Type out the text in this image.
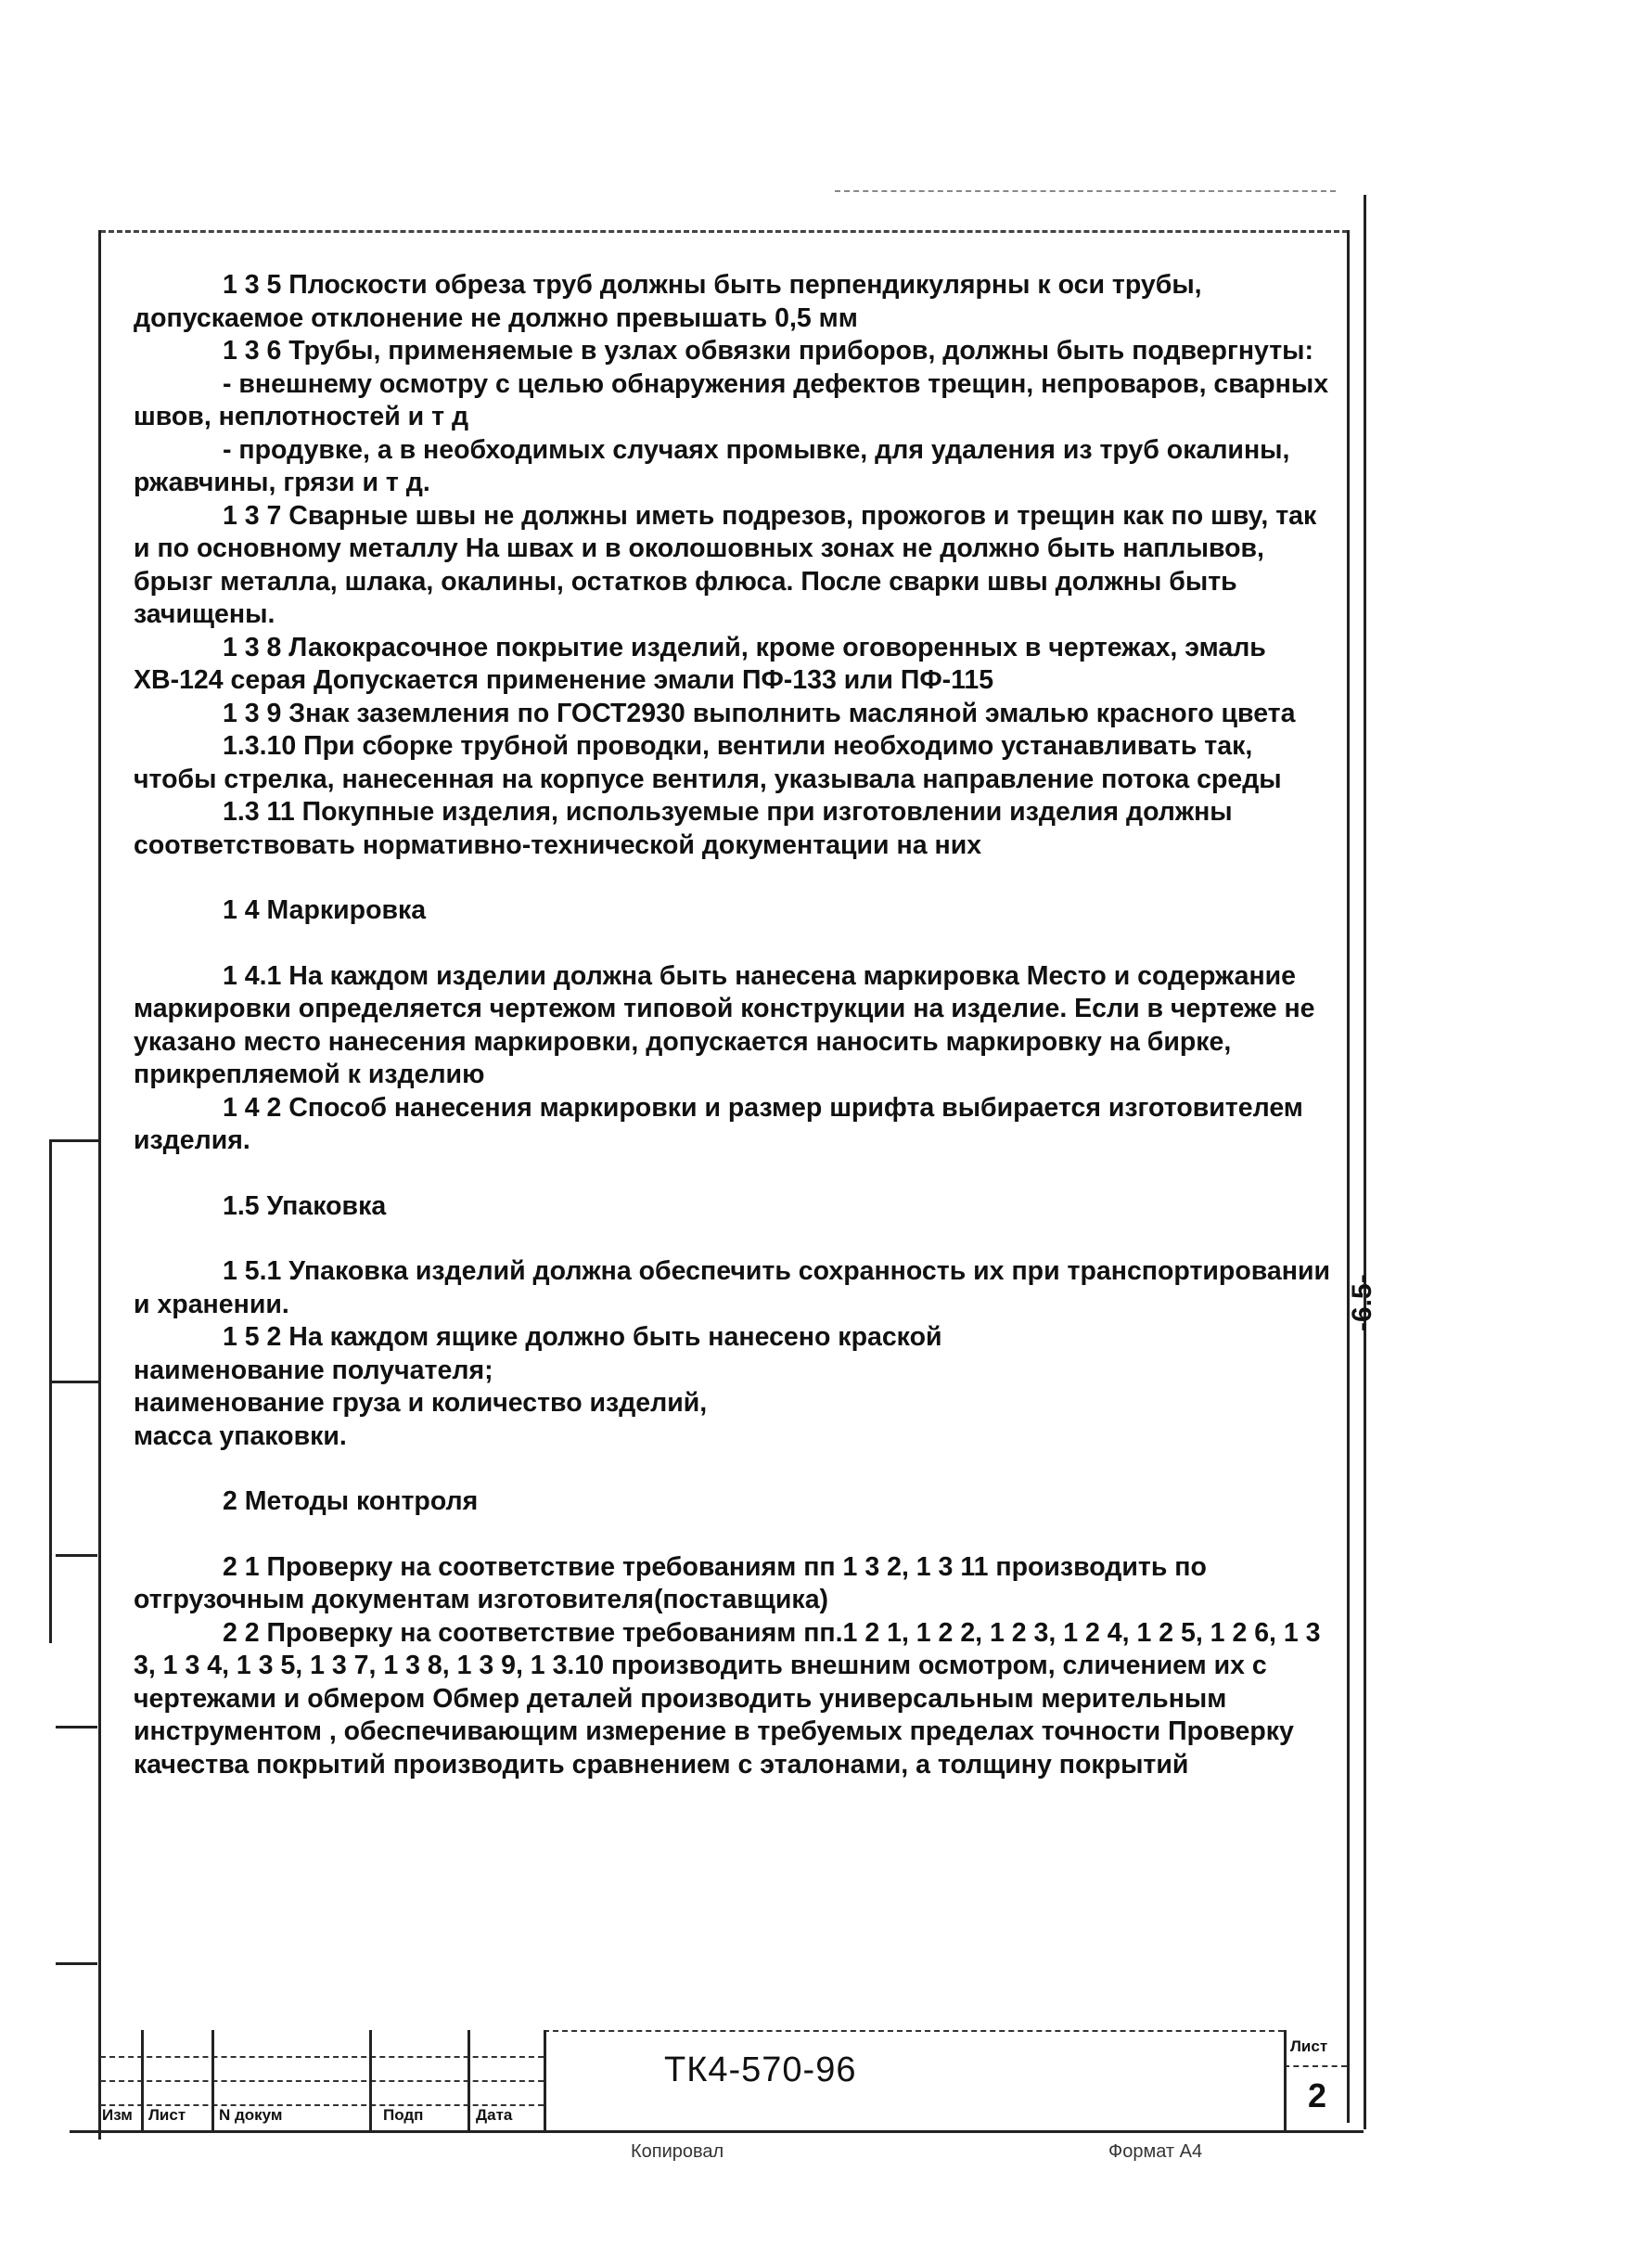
-6.5-

1 3 5 Плоскости обреза труб должны быть перпендикулярны к оси трубы, допускаемое отклонение не должно превышать 0,5 мм

1 3 6 Трубы, применяемые в узлах обвязки приборов, должны быть подвергнуты:

- внешнему осмотру с целью обнаружения дефектов трещин, непроваров, сварных швов, неплотностей и т д

- продувке, а в необходимых случаях промывке, для удаления из труб окалины, ржавчины, грязи и т д.

1 3 7 Сварные швы не должны иметь подрезов, прожогов и трещин как по шву, так и по основному металлу На швах и в околошовных зонах не должно быть наплывов, брызг металла, шлака, окалины, остатков флюса. После сварки швы должны быть зачищены.

1 3 8 Лакокрасочное покрытие изделий, кроме оговоренных в чертежах, эмаль ХВ-124 серая Допускается применение эмали ПФ-133 или ПФ-115

1 3 9 Знак заземления по ГОСТ2930 выполнить масляной эмалью красного цвета

1.3.10 При сборке трубной проводки, вентили необходимо устанавливать так, чтобы стрелка, нанесенная на корпусе вентиля, указывала направление потока среды

1.3 11 Покупные изделия, используемые при изготовлении изделия должны соответствовать нормативно-технической документации на них

1 4 Маркировка

1 4.1 На каждом изделии должна быть нанесена маркировка Место и содержание маркировки определяется чертежом типовой конструкции на изделие. Если в чертеже не указано место нанесения маркировки, допускается наносить маркировку на бирке, прикрепляемой к изделию

1 4 2 Способ нанесения маркировки и размер шрифта выбирается изготовителем изделия.

1.5 Упаковка

1 5.1 Упаковка изделий должна обеспечить сохранность их при транспортировании и хранении.

1 5 2 На каждом ящике должно быть нанесено краской

наименование получателя;

наименование груза и количество изделий,

масса упаковки.

2 Методы контроля

2 1 Проверку на соответствие требованиям пп 1 3 2, 1 3 11 производить по отгрузочным документам изготовителя(поставщика)

2 2 Проверку на соответствие требованиям пп.1 2 1, 1 2 2, 1 2 3, 1 2 4, 1 2 5, 1 2 6, 1 3 3, 1 3 4, 1 3 5, 1 3 7, 1 3 8, 1 3 9, 1 3.10 производить внешним осмотром, сличением их с чертежами и обмером Обмер деталей производить универсальным мерительным инструментом , обеспечивающим измерение в требуемых пределах точности Проверку качества покрытий производить сравнением с эталонами, а толщину покрытий

Изм Лист N докум	Подп	Дата
ТК4-570-96
Лист
2
Копировал	Формат А4
